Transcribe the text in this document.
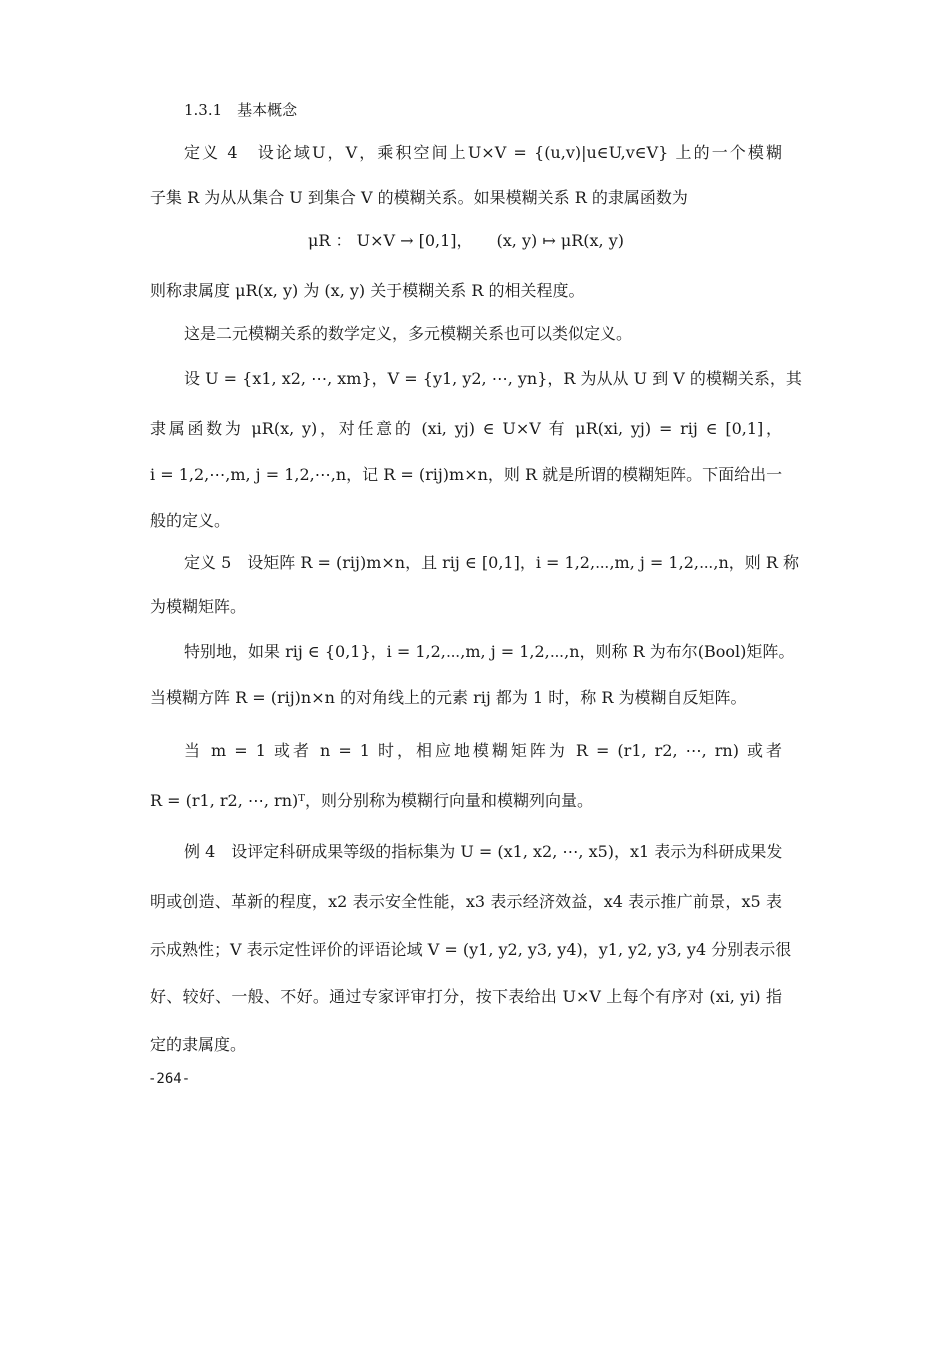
1.3.1　基本概念
定义 4　设论域U，V，乘积空间上U×V = {(u,v)|u∈U,v∈V} 上的一个模糊
子集 R 为从从集合 U 到集合 V 的模糊关系。如果模糊关系 R 的隶属函数为
μR ： U×V → [0,1]，　　(x, y) ↦ μR(x, y)
则称隶属度 μR(x, y) 为 (x, y) 关于模糊关系 R 的相关程度。
这是二元模糊关系的数学定义，多元模糊关系也可以类似定义。
设 U = {x1, x2, ⋯, xm}，V = {y1, y2, ⋯, yn}，R 为从从 U 到 V 的模糊关系，其
隶属函数为 μR(x, y)，对任意的 (xi, yj) ∈ U×V 有 μR(xi, yj) = rij ∈ [0,1]，
i = 1,2,⋯,m, j = 1,2,⋯,n，记 R = (rij)m×n，则 R 就是所谓的模糊矩阵。下面给出一
般的定义。
定义 5　设矩阵 R = (rij)m×n，且 rij ∈ [0,1]，i = 1,2,⋯,m, j = 1,2,⋯,n，则 R 称
为模糊矩阵。
特别地，如果 rij ∈ {0,1}，i = 1,2,⋯,m, j = 1,2,⋯,n，则称 R 为布尔(Bool)矩阵。
当模糊方阵 R = (rij)n×n 的对角线上的元素 rij 都为 1 时，称 R 为模糊自反矩阵。
当 m = 1 或者 n = 1 时，相应地模糊矩阵为 R = (r1, r2, ⋯, rn) 或者
R = (r1, r2, ⋯, rn)ᵀ，则分别称为模糊行向量和模糊列向量。
例 4　设评定科研成果等级的指标集为 U = (x1, x2, ⋯, x5)，x1 表示为科研成果发
明或创造、革新的程度，x2 表示安全性能，x3 表示经济效益，x4 表示推广前景，x5 表
示成熟性；V 表示定性评价的评语论域 V = (y1, y2, y3, y4)，y1, y2, y3, y4 分别表示很
好、较好、一般、不好。通过专家评审打分，按下表给出 U×V 上每个有序对 (xi, yi) 指
定的隶属度。
-264-
